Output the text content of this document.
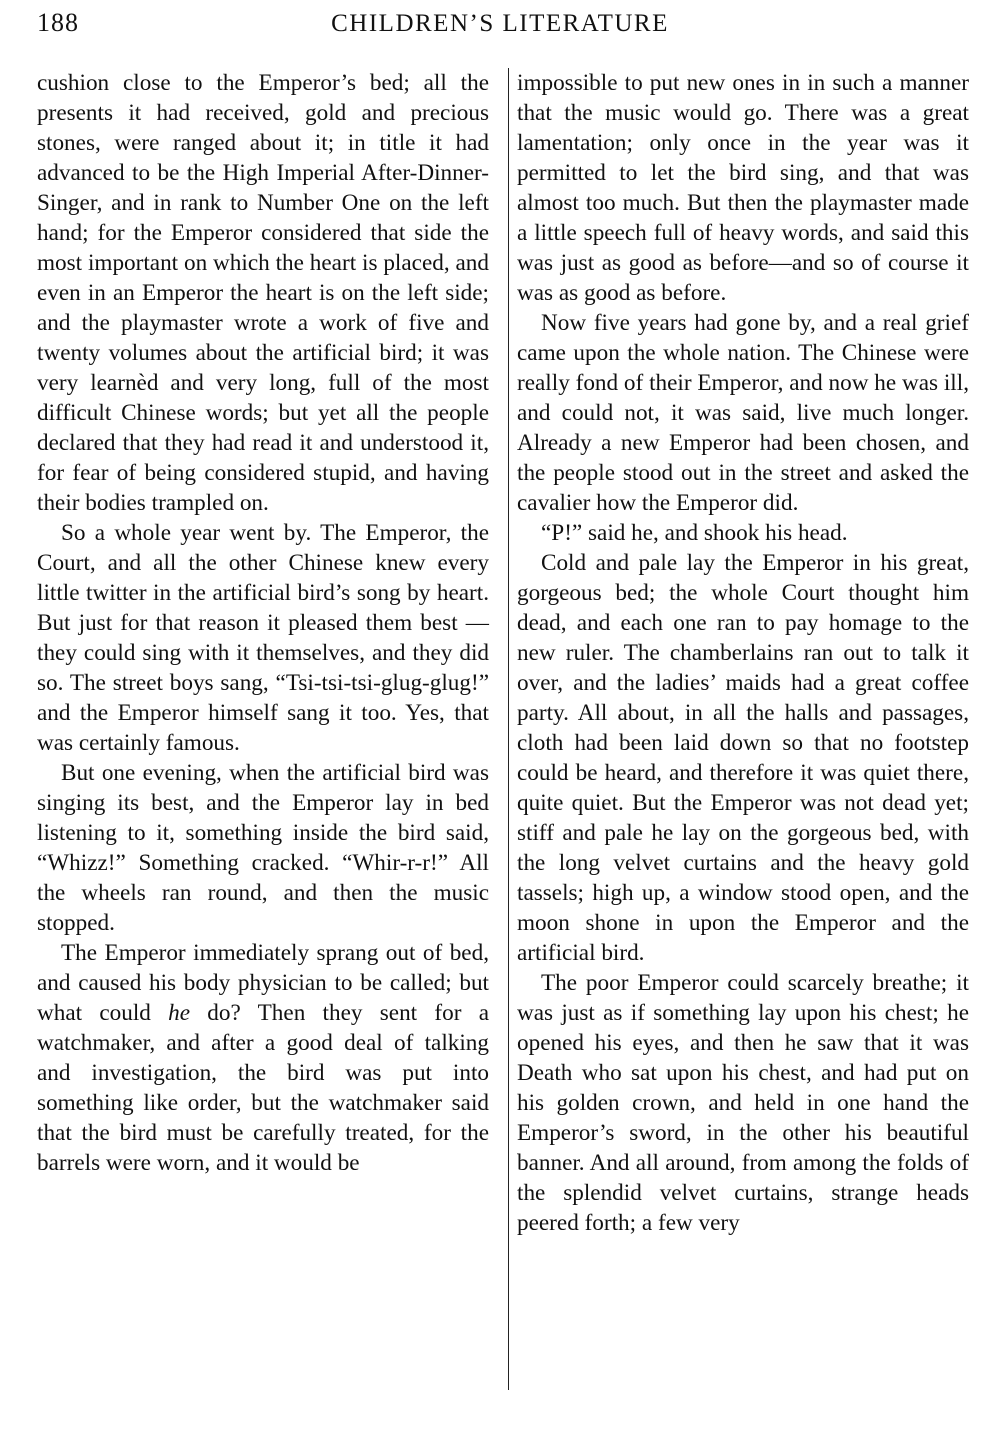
188	CHILDREN’S LITERATURE

cushion close to the Emperor’s bed; all the presents it had received, gold and precious stones, were ranged about it; in title it had advanced to be the High Imperial After-Dinner-Singer, and in rank to Number One on the left hand; for the Emperor considered that side the most important on which the heart is placed, and even in an Emperor the heart is on the left side; and the playmaster wrote a work of five and twenty volumes about the artificial bird; it was very learnèd and very long, full of the most difficult Chinese words; but yet all the people declared that they had read it and understood it, for fear of being considered stupid, and having their bodies trampled on.

So a whole year went by. The Emperor, the Court, and all the other Chinese knew every little twitter in the artificial bird’s song by heart. But just for that reason it pleased them best — they could sing with it themselves, and they did so. The street boys sang, “Tsi-tsi-tsi-glug-glug!” and the Emperor himself sang it too. Yes, that was certainly famous.

But one evening, when the artificial bird was singing its best, and the Emperor lay in bed listening to it, something inside the bird said, “Whizz!” Something cracked. “Whir-r-r!” All the wheels ran round, and then the music stopped.

The Emperor immediately sprang out of bed, and caused his body physician to be called; but what could he do? Then they sent for a watchmaker, and after a good deal of talking and investigation, the bird was put into something like order, but the watchmaker said that the bird must be carefully treated, for the barrels were worn, and it would be

impossible to put new ones in in such a manner that the music would go. There was a great lamentation; only once in the year was it permitted to let the bird sing, and that was almost too much. But then the playmaster made a little speech full of heavy words, and said this was just as good as before—and so of course it was as good as before.

Now five years had gone by, and a real grief came upon the whole nation. The Chinese were really fond of their Emperor, and now he was ill, and could not, it was said, live much longer. Already a new Emperor had been chosen, and the people stood out in the street and asked the cavalier how the Emperor did.

“P!” said he, and shook his head.

Cold and pale lay the Emperor in his great, gorgeous bed; the whole Court thought him dead, and each one ran to pay homage to the new ruler. The chamberlains ran out to talk it over, and the ladies’ maids had a great coffee party. All about, in all the halls and passages, cloth had been laid down so that no footstep could be heard, and therefore it was quiet there, quite quiet. But the Emperor was not dead yet; stiff and pale he lay on the gorgeous bed, with the long velvet curtains and the heavy gold tassels; high up, a window stood open, and the moon shone in upon the Emperor and the artificial bird.

The poor Emperor could scarcely breathe; it was just as if something lay upon his chest; he opened his eyes, and then he saw that it was Death who sat upon his chest, and had put on his golden crown, and held in one hand the Emperor’s sword, in the other his beautiful banner. And all around, from among the folds of the splendid velvet curtains, strange heads peered forth; a few very
